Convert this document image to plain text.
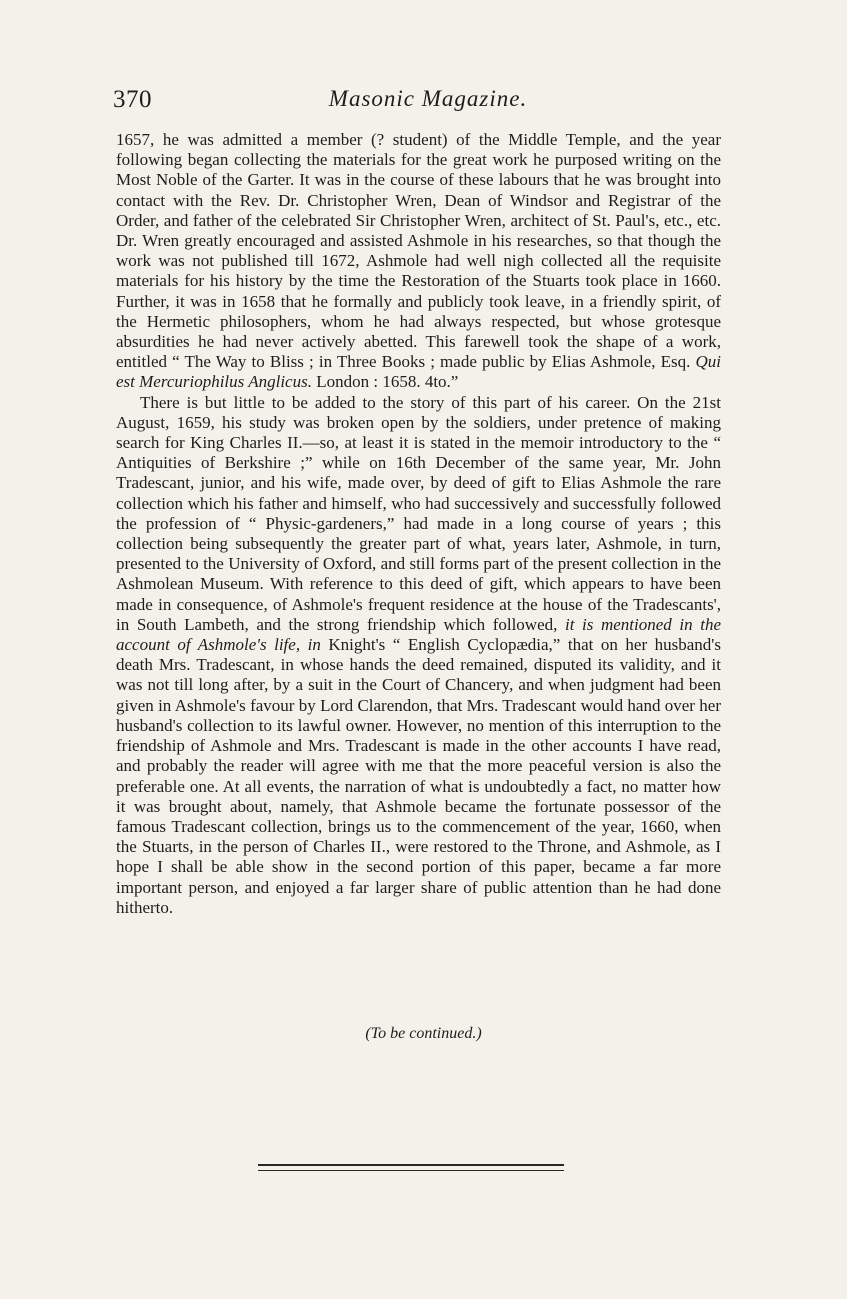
370	Masonic Magazine.

1657, he was admitted a member (? student) of the Middle Temple, and the year following began collecting the materials for the great work he purposed writing on the Most Noble of the Garter. It was in the course of these labours that he was brought into contact with the Rev. Dr. Christopher Wren, Dean of Windsor and Registrar of the Order, and father of the celebrated Sir Christopher Wren, architect of St. Paul's, etc., etc. Dr. Wren greatly encouraged and assisted Ashmole in his researches, so that though the work was not published till 1672, Ashmole had well nigh collected all the requisite materials for his history by the time the Restoration of the Stuarts took place in 1660. Further, it was in 1658 that he formally and publicly took leave, in a friendly spirit, of the Hermetic philosophers, whom he had always respected, but whose grotesque absurdities he had never actively abetted. This farewell took the shape of a work, entitled “ The Way to Bliss ; in Three Books ; made public by Elias Ashmole, Esq. Qui est Mercuriophilus Anglicus. London : 1658. 4to.”

There is but little to be added to the story of this part of his career. On the 21st August, 1659, his study was broken open by the soldiers, under pretence of making search for King Charles II.—so, at least it is stated in the memoir introductory to the “ Antiquities of Berkshire ;” while on 16th December of the same year, Mr. John Tradescant, junior, and his wife, made over, by deed of gift to Elias Ashmole the rare collection which his father and himself, who had successively and successfully followed the profession of “ Physic-gardeners,” had made in a long course of years ; this collection being subsequently the greater part of what, years later, Ashmole, in turn, presented to the University of Oxford, and still forms part of the present collection in the Ashmolean Museum. With reference to this deed of gift, which appears to have been made in consequence, of Ashmole's frequent residence at the house of the Tradescants', in South Lambeth, and the strong friendship which followed, it is mentioned in the account of Ashmole's life, in Knight's “ English Cyclopædia,” that on her husband's death Mrs. Tradescant, in whose hands the deed remained, disputed its validity, and it was not till long after, by a suit in the Court of Chancery, and when judgment had been given in Ashmole's favour by Lord Clarendon, that Mrs. Tradescant would hand over her husband's collection to its lawful owner. However, no mention of this interruption to the friendship of Ashmole and Mrs. Tradescant is made in the other accounts I have read, and probably the reader will agree with me that the more peaceful version is also the preferable one. At all events, the narration of what is undoubtedly a fact, no matter how it was brought about, namely, that Ashmole became the fortunate possessor of the famous Tradescant collection, brings us to the commencement of the year, 1660, when the Stuarts, in the person of Charles II., were restored to the Throne, and Ashmole, as I hope I shall be able show in the second portion of this paper, became a far more important person, and enjoyed a far larger share of public attention than he had done hitherto.

(To be continued.)
